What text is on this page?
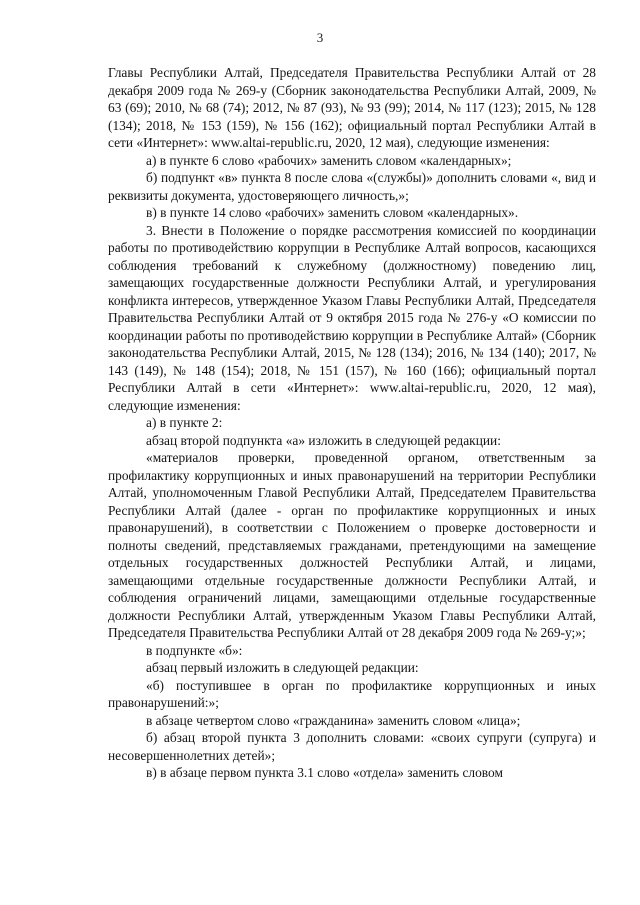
3

Главы Республики Алтай, Председателя Правительства Республики Алтай от 28 декабря 2009 года № 269-у (Сборник законодательства Республики Алтай, 2009, № 63 (69); 2010, № 68 (74); 2012, № 87 (93), № 93 (99); 2014, № 117 (123); 2015, № 128 (134); 2018, № 153 (159), № 156 (162); официальный портал Республики Алтай в сети «Интернет»: www.altai-republic.ru, 2020, 12 мая), следующие изменения:

а) в пункте 6 слово «рабочих» заменить словом «календарных»;

б) подпункт «в» пункта 8 после слова «(службы)» дополнить словами «, вид и реквизиты документа, удостоверяющего личность,»;

в) в пункте 14 слово «рабочих» заменить словом «календарных».

3. Внести в Положение о порядке рассмотрения комиссией по координации работы по противодействию коррупции в Республике Алтай вопросов, касающихся соблюдения требований к служебному (должностному) поведению лиц, замещающих государственные должности Республики Алтай, и урегулирования конфликта интересов, утвержденное Указом Главы Республики Алтай, Председателя Правительства Республики Алтай от 9 октября 2015 года № 276-у «О комиссии по координации работы по противодействию коррупции в Республике Алтай» (Сборник законодательства Республики Алтай, 2015, № 128 (134); 2016, № 134 (140); 2017, № 143 (149), № 148 (154); 2018, № 151 (157), № 160 (166); официальный портал Республики Алтай в сети «Интернет»: www.altai-republic.ru, 2020, 12 мая), следующие изменения:

а) в пункте 2:

абзац второй подпункта «а» изложить в следующей редакции:

«материалов проверки, проведенной органом, ответственным за профилактику коррупционных и иных правонарушений на территории Республики Алтай, уполномоченным Главой Республики Алтай, Председателем Правительства Республики Алтай (далее - орган по профилактике коррупционных и иных правонарушений), в соответствии с Положением о проверке достоверности и полноты сведений, представляемых гражданами, претендующими на замещение отдельных государственных должностей Республики Алтай, и лицами, замещающими отдельные государственные должности Республики Алтай, и соблюдения ограничений лицами, замещающими отдельные государственные должности Республики Алтай, утвержденным Указом Главы Республики Алтай, Председателя Правительства Республики Алтай от 28 декабря 2009 года № 269-у;»;

в подпункте «б»:

абзац первый изложить в следующей редакции:

«б) поступившее в орган по профилактике коррупционных и иных правонарушений:»;

в абзаце четвертом слово «гражданина» заменить словом «лица»;

б) абзац второй пункта 3 дополнить словами: «своих супруги (супруга) и несовершеннолетних детей»;

в) в абзаце первом пункта 3.1 слово «отдела» заменить словом
